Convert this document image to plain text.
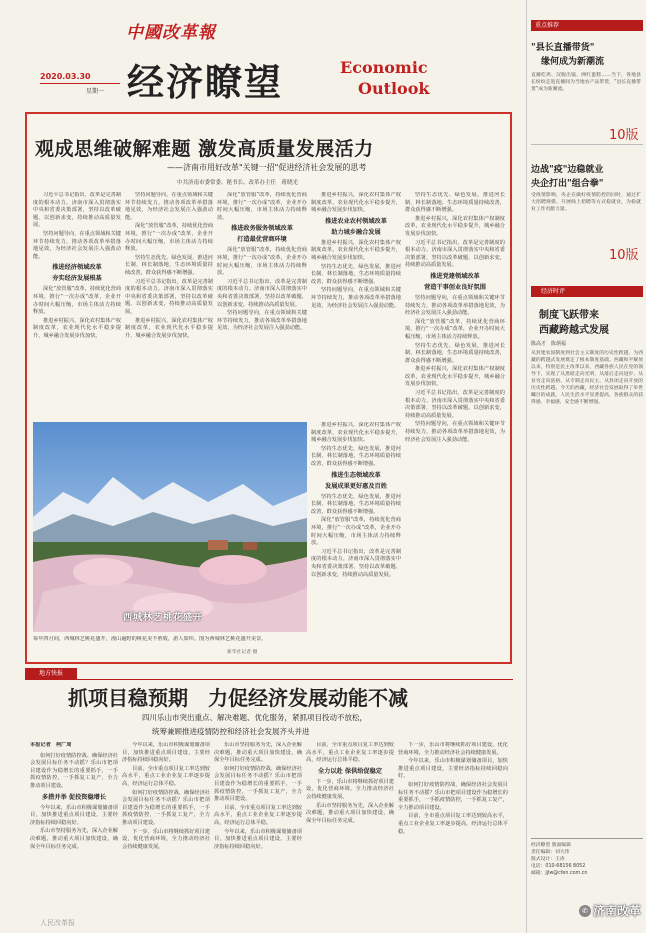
中國改革報
2020.03.30
星期一 经济瞭望	Economic
Outlook
观成思维破解难题 激发高质量发展活力
——济南市用好改革"关键一招"促进经济社会发展的思考
中共济南市委常委、秘书长、改革办主任　蒋晓光

习近平总书记指出，改革是完善制度的根本动力。济南市深入贯彻落实中央和省委决策部署，坚持以改革破题、以创新求变，持续推动高质量发展。

坚持问题导向，在重点领域和关键环节持续发力，推动各项改革举措落地见效，为经济社会发展注入强劲动能。

推进经济领域改革
夯实经济发展根基

深化“放管服”改革，持续优化营商环境，推行“一次办成”改革，企业开办时间大幅压缩，市场主体活力持续释放。

推进乡村振兴，深化农村集体产权制度改革，农业现代化水平稳步提升，城乡融合发展步伐加快。

坚持问题导向，在重点领域和关键环节持续发力，推动各项改革举措落地见效，为经济社会发展注入强劲动能。

深化“放管服”改革，持续优化营商环境，推行“一次办成”改革，企业开办时间大幅压缩，市场主体活力持续释放。

坚持生态优先、绿色发展，推进河长制、林长制落地，生态环境质量持续改善，群众获得感不断增强。

习近平总书记指出，改革是完善制度的根本动力。济南市深入贯彻落实中央和省委决策部署，坚持以改革破题、以创新求变，持续推动高质量发展。

推进乡村振兴，深化农村集体产权制度改革，农业现代化水平稳步提升，城乡融合发展步伐加快。

深化“放管服”改革，持续优化营商环境，推行“一次办成”改革，企业开办时间大幅压缩，市场主体活力持续释放。

推进政务服务领域改革
打造最优营商环境

深化“放管服”改革，持续优化营商环境，推行“一次办成”改革，企业开办时间大幅压缩，市场主体活力持续释放。

习近平总书记指出，改革是完善制度的根本动力。济南市深入贯彻落实中央和省委决策部署，坚持以改革破题、以创新求变，持续推动高质量发展。

坚持问题导向，在重点领域和关键环节持续发力，推动各项改革举措落地见效，为经济社会发展注入强劲动能。

推进乡村振兴，深化农村集体产权制度改革，农业现代化水平稳步提升，城乡融合发展步伐加快。

推进农业农村领域改革
助力城乡融合发展

推进乡村振兴，深化农村集体产权制度改革，农业现代化水平稳步提升，城乡融合发展步伐加快。

坚持生态优先、绿色发展，推进河长制、林长制落地，生态环境质量持续改善，群众获得感不断增强。

坚持问题导向，在重点领域和关键环节持续发力，推动各项改革举措落地见效，为经济社会发展注入强劲动能。

坚持生态优先、绿色发展，推进河长制、林长制落地，生态环境质量持续改善，群众获得感不断增强。

推进乡村振兴，深化农村集体产权制度改革，农业现代化水平稳步提升，城乡融合发展步伐加快。

习近平总书记指出，改革是完善制度的根本动力。济南市深入贯彻落实中央和省委决策部署，坚持以改革破题、以创新求变，持续推动高质量发展。

推进党建领域改革
营造干事创业良好氛围

坚持问题导向，在重点领域和关键环节持续发力，推动各项改革举措落地见效，为经济社会发展注入强劲动能。

深化“放管服”改革，持续优化营商环境，推行“一次办成”改革，企业开办时间大幅压缩，市场主体活力持续释放。

坚持生态优先、绿色发展，推进河长制、林长制落地，生态环境质量持续改善，群众获得感不断增强。

推进乡村振兴，深化农村集体产权制度改革，农业现代化水平稳步提升，城乡融合发展步伐加快。

习近平总书记指出，改革是完善制度的根本动力。济南市深入贯彻落实中央和省委决策部署，坚持以改革破题、以创新求变，持续推动高质量发展。

坚持问题导向，在重点领域和关键环节持续发力，推动各项改革举措落地见效，为经济社会发展注入强劲动能。

西城林艺桃花盛开
每年四月间，西城林艺桃花盛开，漫山遍野的桃花美不胜收，游人如织。图为西城林艺桃花盛开美景。

推进乡村振兴，深化农村集体产权制度改革，农业现代化水平稳步提升，城乡融合发展步伐加快。

坚持生态优先、绿色发展，推进河长制、林长制落地，生态环境质量持续改善，群众获得感不断增强。

推进生态领域改革
发展成果更好惠及百姓

坚持生态优先、绿色发展，推进河长制、林长制落地，生态环境质量持续改善，群众获得感不断增强。

深化“放管服”改革，持续优化营商环境，推行“一次办成”改革，企业开办时间大幅压缩，市场主体活力持续释放。

习近平总书记指出，改革是完善制度的根本动力。济南市深入贯彻落实中央和省委决策部署，坚持以改革破题、以创新求变，持续推动高质量发展。

新华社记者 摄
地方快报
抓项目稳预期　力促经济发展动能不减
四川乐山市突出重点、解决难题、优化服务，紧抓项目投动不放松，
统筹兼顾推进疫情防控和经济社会发展齐头并进
本报记者　柯广周

如何打好疫情防控战、确保经济社会发展目标任务不动摇？乐山市把项目建设作为稳增长的重要抓手，一手抓疫情防控，一手抓复工复产，全力推动项目建设。

多措并举 促投资稳增长

今年以来，乐山市积极谋划储备项目，加快推进重点项目建设，主要经济指标持续回稳向好。

乐山市坚持服务为先，深入企业解决难题，推动重大项目加快建设，确保全年目标任务完成。

今年以来，乐山市积极谋划储备项目，加快推进重点项目建设，主要经济指标持续回稳向好。

目前，全市重点项目复工率达到较高水平，重点工业企业复工率逐步提高，经济运行总体平稳。

如何打好疫情防控战、确保经济社会发展目标任务不动摇？乐山市把项目建设作为稳增长的重要抓手，一手抓疫情防控，一手抓复工复产，全力推动项目建设。

下一步，乐山市将继续抓好项目建设，优化营商环境，全力推动经济社会持续健康发展。

乐山市坚持服务为先，深入企业解决难题，推动重大项目加快建设，确保全年目标任务完成。

如何打好疫情防控战、确保经济社会发展目标任务不动摇？乐山市把项目建设作为稳增长的重要抓手，一手抓疫情防控，一手抓复工复产，全力推动项目建设。

目前，全市重点项目复工率达到较高水平，重点工业企业复工率逐步提高，经济运行总体平稳。

今年以来，乐山市积极谋划储备项目，加快推进重点项目建设，主要经济指标持续回稳向好。

目前，全市重点项目复工率达到较高水平，重点工业企业复工率逐步提高，经济运行总体平稳。

全力以赴 保供给促稳定

下一步，乐山市将继续抓好项目建设，优化营商环境，全力推动经济社会持续健康发展。

乐山市坚持服务为先，深入企业解决难题，推动重大项目加快建设，确保全年目标任务完成。

下一步，乐山市将继续抓好项目建设，优化营商环境，全力推动经济社会持续健康发展。

今年以来，乐山市积极谋划储备项目，加快推进重点项目建设，主要经济指标持续回稳向好。

如何打好疫情防控战、确保经济社会发展目标任务不动摇？乐山市把项目建设作为稳增长的重要抓手，一手抓疫情防控，一手抓复工复产，全力推动项目建设。

目前，全市重点项目复工率达到较高水平，重点工业企业复工率逐步提高，经济运行总体平稳。

人民改革报
重点推荐
"县长直播带货"
缘何成为新潮流
直播吃鸡、汉服出镜、网红蛋糕……当下，各地县长纷纷走进直播间为当地农产品带货，“县长直播带货”成为新潮流。
10版
边战"疫"边稳就业
央企打出"组合拳"
受疫情影响，央企在做好疫情防控的同时，通过扩大招聘规模、开展线上招聘等方式稳就业，为稳就业工作贡献力量。
10版
经济时评
制度飞跃带来
西藏跨越式发展
陈高才　陈炳福
从封建农奴制度到社会主义制度的历史性跨越，为西藏的跨越式发展奠定了根本制度基础。西藏和平解放以来，特别是民主改革以来，西藏各族人民在党的领导下，实现了从黑暗走向光明、从落后走向进步、从贫穷走向富裕、从专制走向民主、从封闭走向开放的历史性跨越。今天的西藏，经济社会发展取得了举世瞩目的成就，人民生活水平显著提高，各族群众的获得感、幸福感、安全感不断增强。
经济瞭望 版面编辑
责任编辑：刘大伟
版式设计：王涛
电话：010-68156 8052
邮箱：jjlw@cfen.com.cn
✆ 济南改革
